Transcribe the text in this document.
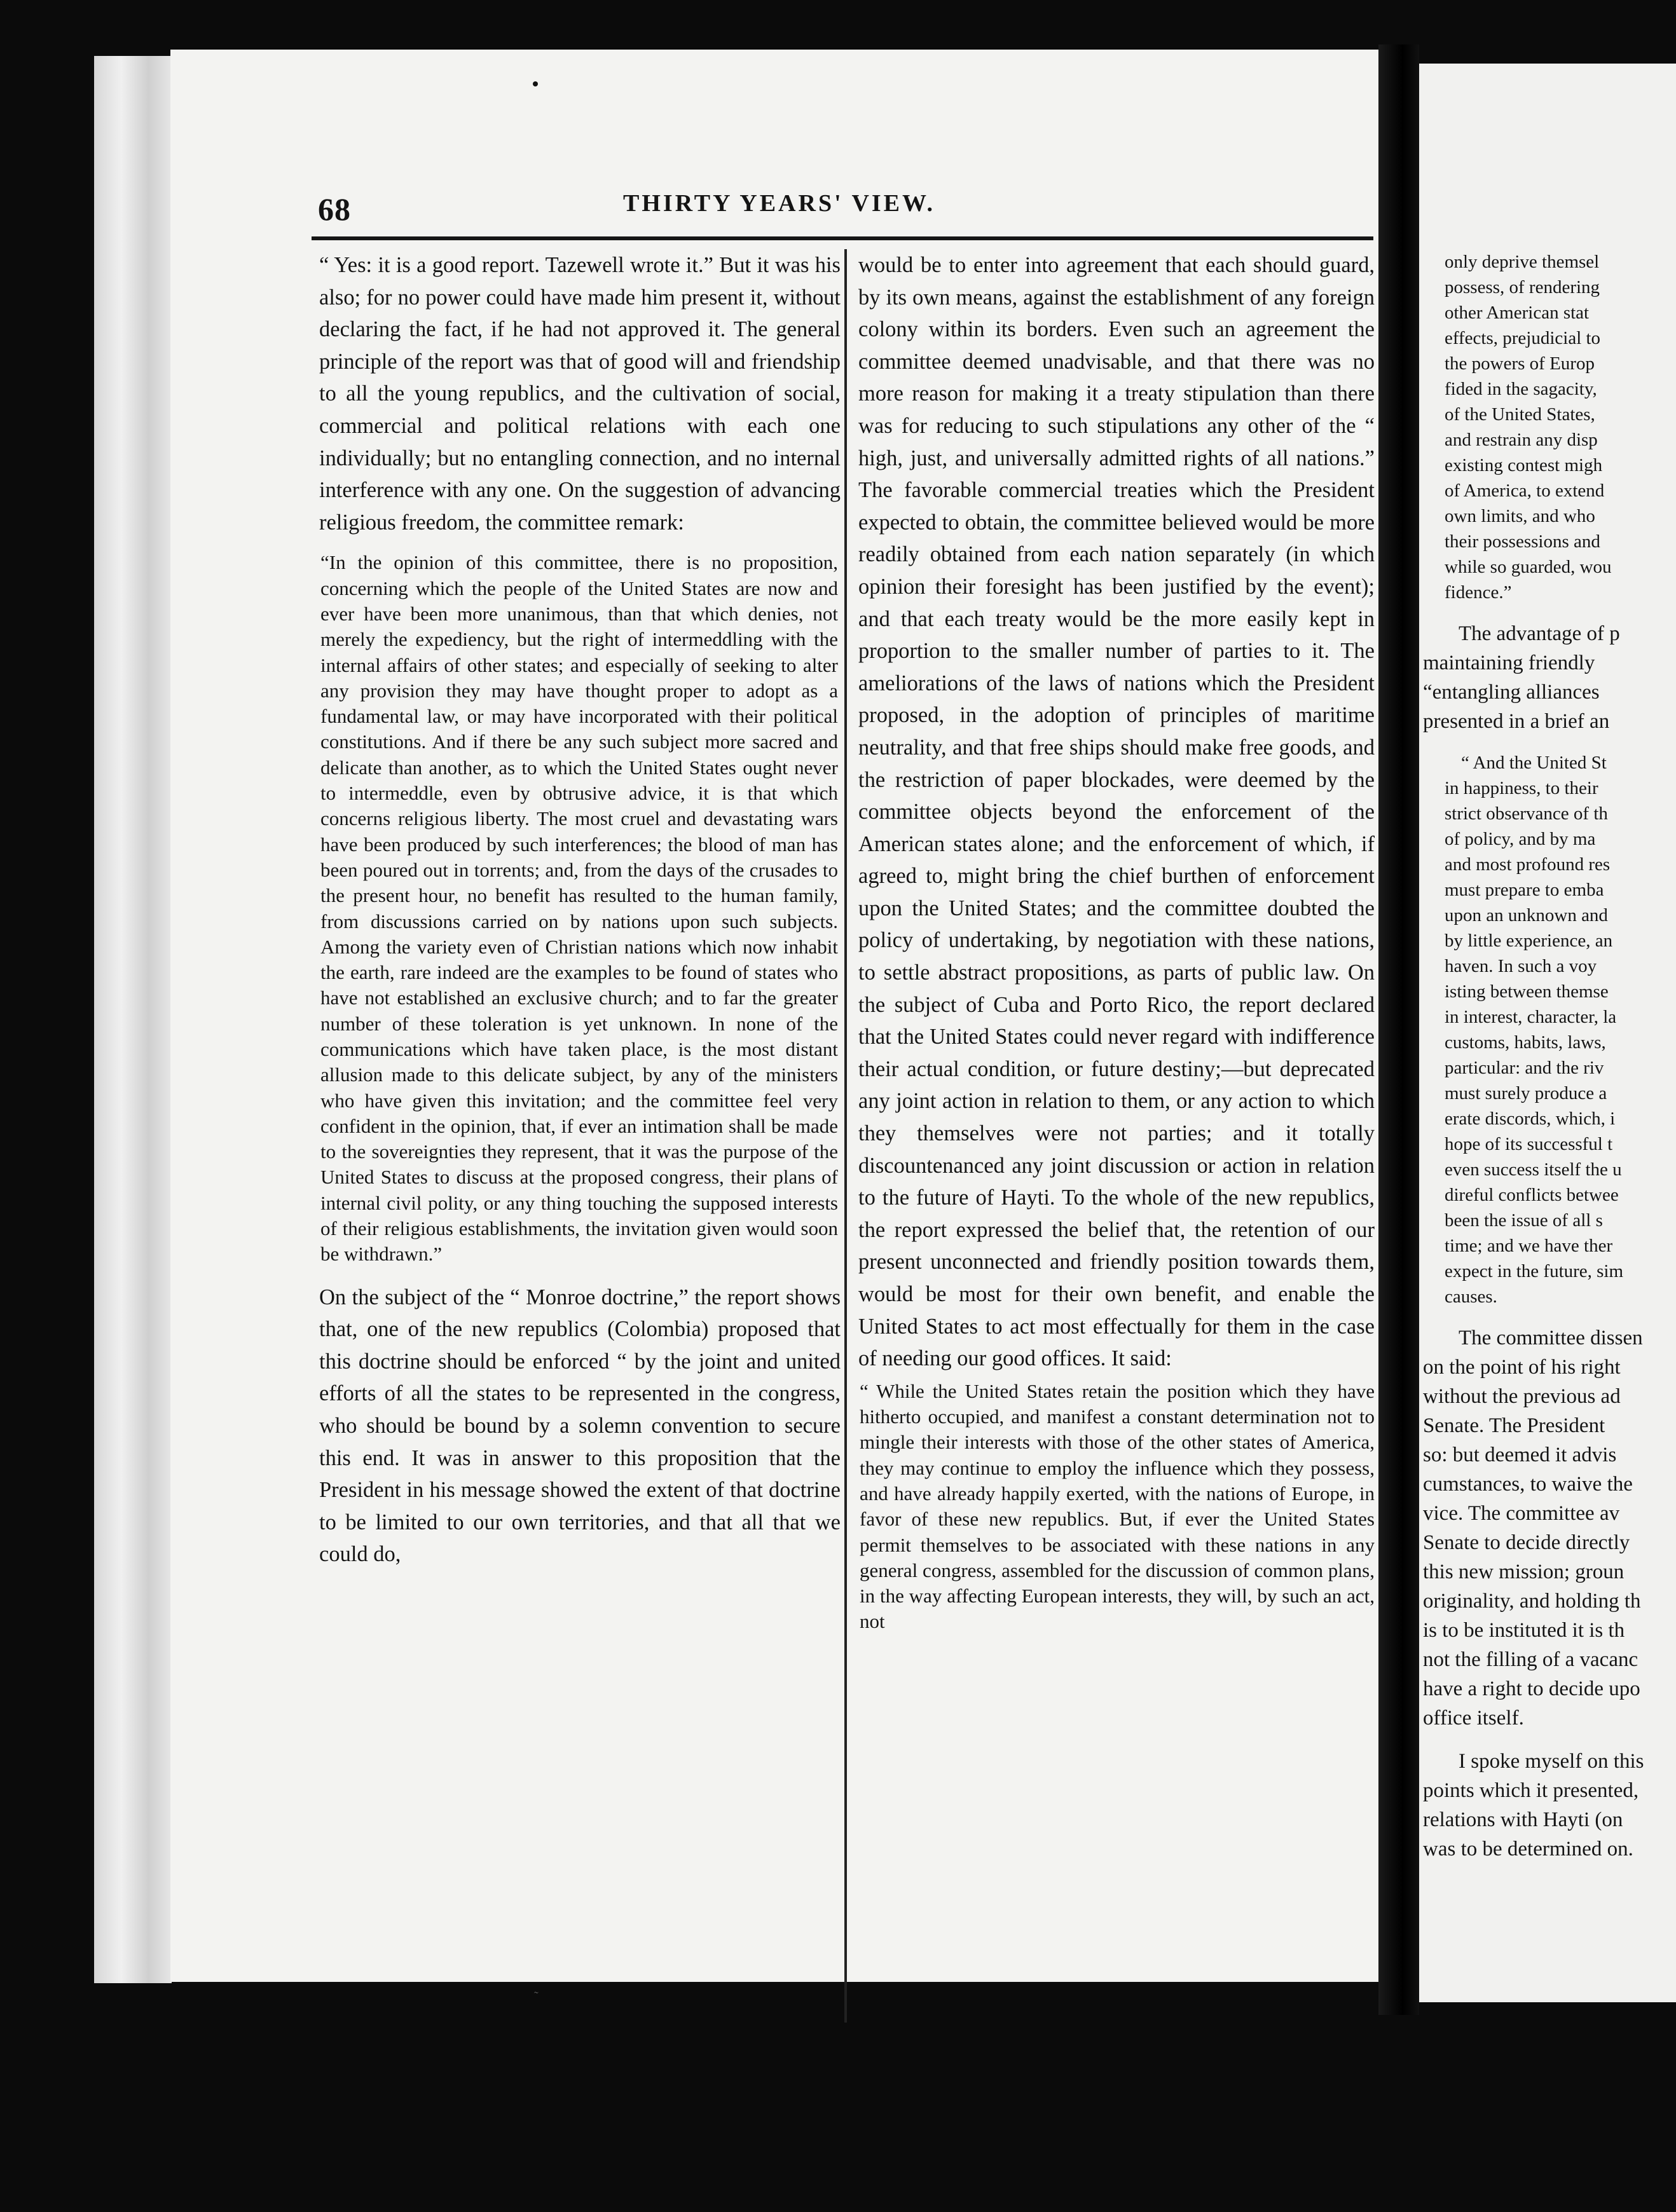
68	THIRTY YEARS' VIEW.

“ Yes: it is a good report. Tazewell wrote it.” But it was his also; for no power could have made him present it, without declaring the fact, if he had not approved it. The general principle of the report was that of good will and friendship to all the young republics, and the cultivation of social, commercial and political relations with each one individually; but no entangling connection, and no internal interference with any one. On the suggestion of advancing religious freedom, the committee remark:

“In the opinion of this committee, there is no proposition, concerning which the people of the United States are now and ever have been more unanimous, than that which denies, not merely the expediency, but the right of intermeddling with the internal affairs of other states; and especially of seeking to alter any provision they may have thought proper to adopt as a fundamental law, or may have incorporated with their political constitutions. And if there be any such subject more sacred and delicate than another, as to which the United States ought never to intermeddle, even by obtrusive advice, it is that which concerns religious liberty. The most cruel and devastating wars have been produced by such interferences; the blood of man has been poured out in torrents; and, from the days of the crusades to the present hour, no benefit has resulted to the human family, from discussions carried on by nations upon such subjects. Among the variety even of Christian nations which now inhabit the earth, rare indeed are the examples to be found of states who have not established an exclusive church; and to far the greater number of these toleration is yet unknown. In none of the communications which have taken place, is the most distant allusion made to this delicate subject, by any of the ministers who have given this invitation; and the committee feel very confident in the opinion, that, if ever an intimation shall be made to the sovereignties they represent, that it was the purpose of the United States to discuss at the proposed congress, their plans of internal civil polity, or any thing touching the supposed interests of their religious establishments, the invitation given would soon be withdrawn.”

On the subject of the “ Monroe doctrine,” the report shows that, one of the new republics (Colombia) proposed that this doctrine should be enforced “ by the joint and united efforts of all the states to be represented in the congress, who should be bound by a solemn convention to secure this end. It was in answer to this proposition that the President in his message showed the extent of that doctrine to be limited to our own territories, and that all that we could do,

would be to enter into agreement that each should guard, by its own means, against the establishment of any foreign colony within its borders. Even such an agreement the committee deemed unadvisable, and that there was no more reason for making it a treaty stipulation than there was for reducing to such stipulations any other of the “ high, just, and universally admitted rights of all nations.” The favorable commercial treaties which the President expected to obtain, the committee believed would be more readily obtained from each nation separately (in which opinion their foresight has been justified by the event); and that each treaty would be the more easily kept in proportion to the smaller number of parties to it. The ameliorations of the laws of nations which the President proposed, in the adoption of principles of maritime neutrality, and that free ships should make free goods, and the restriction of paper blockades, were deemed by the committee objects beyond the enforcement of the American states alone; and the enforcement of which, if agreed to, might bring the chief burthen of enforcement upon the United States; and the committee doubted the policy of undertaking, by negotiation with these nations, to settle abstract propositions, as parts of public law. On the subject of Cuba and Porto Rico, the report declared that the United States could never regard with indifference their actual condition, or future destiny;—but deprecated any joint action in relation to them, or any action to which they themselves were not parties; and it totally discountenanced any joint discussion or action in relation to the future of Hayti. To the whole of the new republics, the report expressed the belief that, the retention of our present unconnected and friendly position towards them, would be most for their own benefit, and enable the United States to act most effectually for them in the case of needing our good offices. It said:

“ While the United States retain the position which they have hitherto occupied, and manifest a constant determination not to mingle their interests with those of the other states of America, they may continue to employ the influence which they possess, and have already happily exerted, with the nations of Europe, in favor of these new republics. But, if ever the United States permit themselves to be associated with these nations in any general congress, assembled for the discussion of common plans, in the way affecting European interests, they will, by such an act, not

only deprive themsel
possess, of rendering
other American stat
effects, prejudicial to
the powers of Europ
fided in the sagacity,
of the United States,
and restrain any disp
existing contest migh
of America, to extend
own limits, and who
their possessions and
while so guarded, wou
fidence.”
The advantage of p
maintaining friendly
“entangling alliances
presented in a brief an
“ And the United St
in happiness, to their
strict observance of th
of policy, and by ma
and most profound res
must prepare to emba
upon an unknown and
by little experience, an
haven. In such a voy
isting between themse
in interest, character, la
customs, habits, laws,
particular: and the riv
must surely produce a
erate discords, which, i
hope of its successful t
even success itself the u
direful conflicts betwee
been the issue of all s
time; and we have ther
expect in the future, sim
causes.
The committee dissen
on the point of his right
without the previous ad
Senate. The President
so: but deemed it advis
cumstances, to waive the
vice. The committee av
Senate to decide directly
this new mission; groun
originality, and holding th
is to be instituted it is th
not the filling of a vacanc
have a right to decide upo
office itself.
I spoke myself on this
points which it presented,
relations with Hayti (on
was to be determined on.
˜
